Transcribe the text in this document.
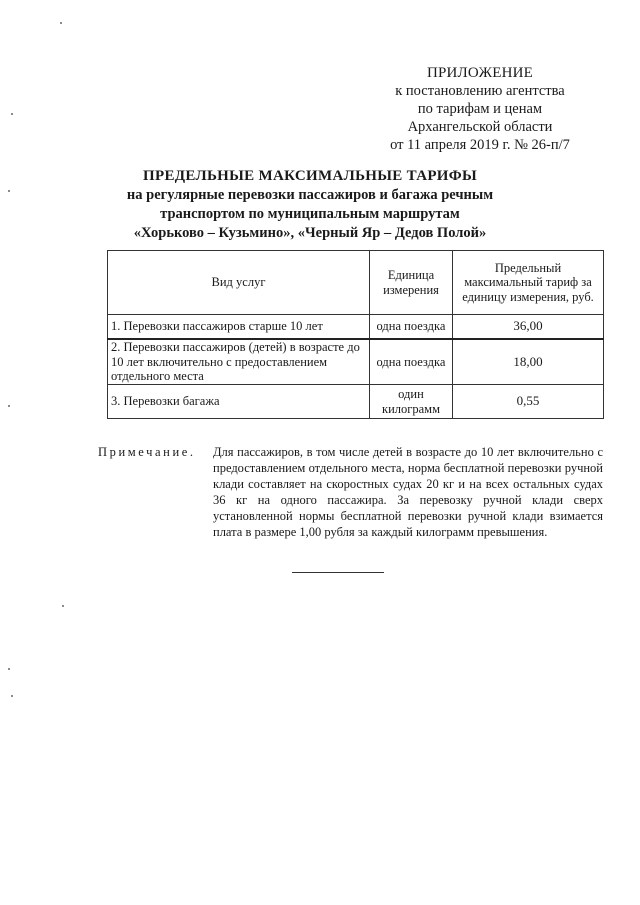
ПРИЛОЖЕНИЕ
к постановлению агентства
по тарифам и ценам
Архангельской области
от 11 апреля 2019 г. № 26-п/7
ПРЕДЕЛЬНЫЕ МАКСИМАЛЬНЫЕ ТАРИФЫ
на регулярные перевозки пассажиров и багажа речным
транспортом по муниципальным маршрутам
«Хорьково – Кузьмино», «Черный Яр – Дедов Полой»
Вид услуг	Единица измерения	Предельный максимальный тариф за единицу измерения, руб.
1. Перевозки пассажиров старше 10 лет	одна поездка	36,00
2. Перевозки пассажиров (детей) в возрасте до 10 лет включительно с предоставлением отдельного места	одна поездка	18,00
3. Перевозки багажа	один килограмм	0,55
Примечание. Для пассажиров, в том числе детей в возрасте до 10 лет включительно с предоставлением отдельного места, норма бесплатной перевозки ручной клади составляет на скоростных судах 20 кг и на всех остальных судах 36 кг на одного пассажира. За перевозку ручной клади сверх установленной нормы бесплатной перевозки ручной клади взимается плата в размере 1,00 рубля за каждый килограмм превышения.
